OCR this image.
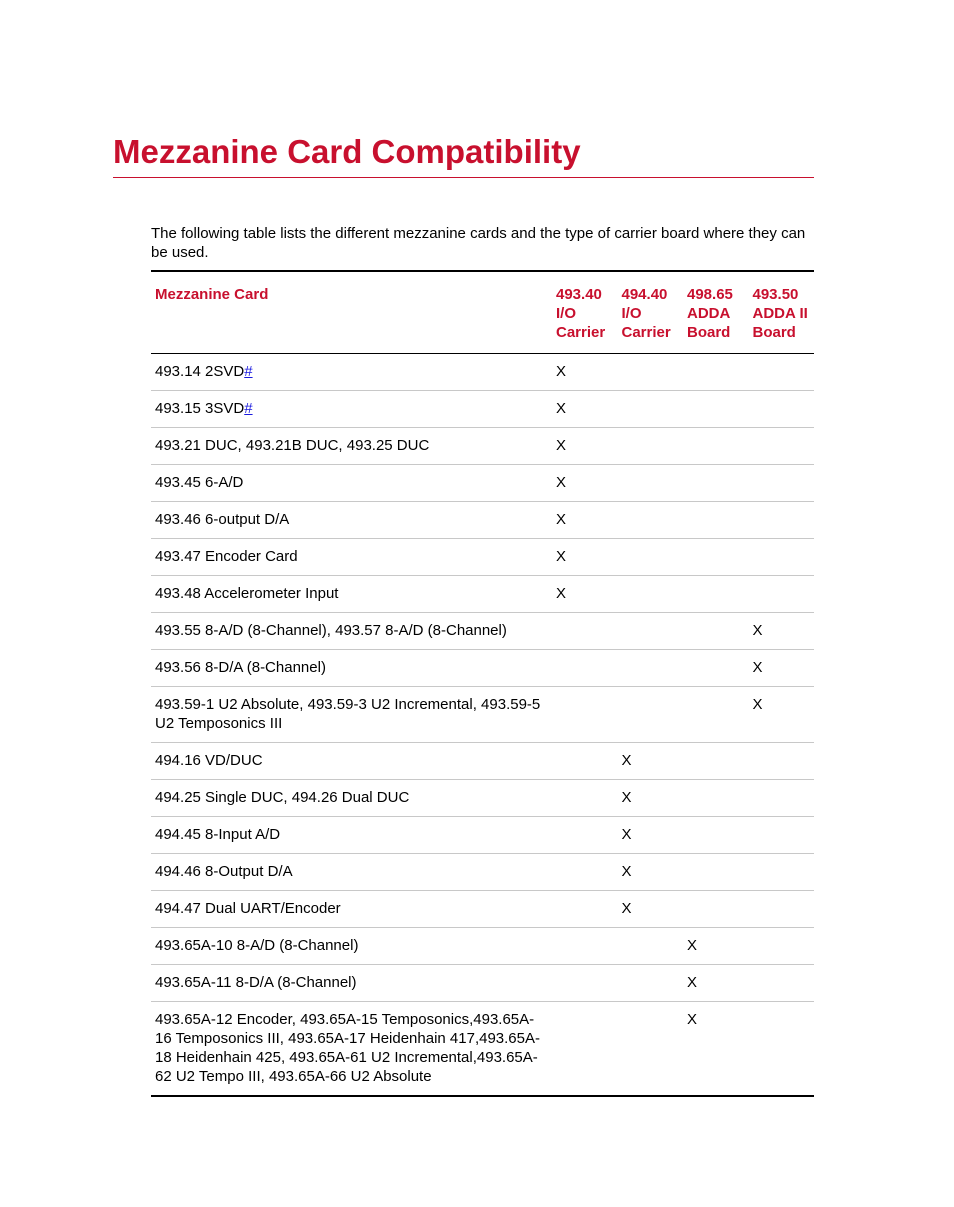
Mezzanine Card Compatibility

The following table lists the different mezzanine cards and the type of carrier board where they can be used.

Mezzanine Card	493.40
I/O
Carrier	494.40
I/O
Carrier	498.65
ADDA
Board	493.50
ADDA II
Board
493.14 2SVD#	X			
493.15 3SVD#	X			
493.21 DUC, 493.21B DUC, 493.25 DUC	X			
493.45 6-A/D	X			
493.46 6-output D/A	X			
493.47 Encoder Card	X			
493.48 Accelerometer Input	X			
493.55 8-A/D (8-Channel), 493.57 8-A/D (8-Channel)				X
493.56 8-D/A (8-Channel)				X
493.59-1 U2 Absolute, 493.59-3 U2 Incremental, 493.59-5 U2 Temposonics III				X
494.16 VD/DUC		X		
494.25 Single DUC, 494.26 Dual DUC		X		
494.45 8-Input A/D		X		
494.46 8-Output D/A		X		
494.47 Dual UART/Encoder		X		
493.65A-10 8-A/D (8-Channel)			X	
493.65A-11 8-D/A (8-Channel)			X	
493.65A-12 Encoder, 493.65A-15 Temposonics,493.65A-16 Temposonics III, 493.65A-17 Heidenhain 417,493.65A-18 Heidenhain 425, 493.65A-61 U2 Incremental,493.65A-62 U2 Tempo III, 493.65A-66 U2 Absolute			X	
